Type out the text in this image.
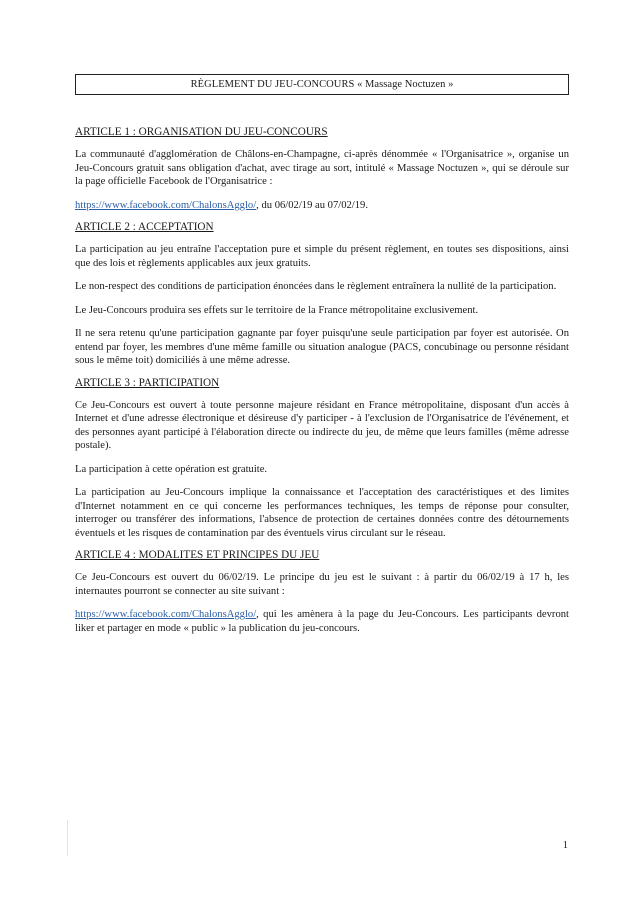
RÈGLEMENT DU JEU-CONCOURS « Massage Noctuzen »
ARTICLE 1 : ORGANISATION DU JEU-CONCOURS

La communauté d'agglomération de Châlons-en-Champagne, ci-après dénommée « l'Organisatrice », organise un Jeu-Concours gratuit sans obligation d'achat, avec tirage au sort, intitulé « Massage Noctuzen », qui se déroule sur la page officielle Facebook de l'Organisatrice :

https://www.facebook.com/ChalonsAgglo/, du 06/02/19 au 07/02/19.

ARTICLE 2 : ACCEPTATION

La participation au jeu entraîne l'acceptation pure et simple du présent règlement, en toutes ses dispositions, ainsi que des lois et règlements applicables aux jeux gratuits.

Le non-respect des conditions de participation énoncées dans le règlement entraînera la nullité de la participation.

Le Jeu-Concours produira ses effets sur le territoire de la France métropolitaine exclusivement.

Il ne sera retenu qu'une participation gagnante par foyer puisqu'une seule participation par foyer est autorisée. On entend par foyer, les membres d'une même famille ou situation analogue (PACS, concubinage ou personne résidant sous le même toit) domiciliés à une même adresse.

ARTICLE 3 : PARTICIPATION

Ce Jeu-Concours est ouvert à toute personne majeure résidant en France métropolitaine, disposant d'un accès à Internet et d'une adresse électronique et désireuse d'y participer - à l'exclusion de l'Organisatrice de l'événement, et des personnes ayant participé à l'élaboration directe ou indirecte du jeu, de même que leurs familles (même adresse postale).

La participation à cette opération est gratuite.

La participation au Jeu-Concours implique la connaissance et l'acceptation des caractéristiques et des limites d'Internet notamment en ce qui concerne les performances techniques, les temps de réponse pour consulter, interroger ou transférer des informations, l'absence de protection de certaines données contre des détournements éventuels et les risques de contamination par des éventuels virus circulant sur le réseau.

ARTICLE 4 : MODALITES ET PRINCIPES DU JEU

Ce Jeu-Concours est ouvert du 06/02/19. Le principe du jeu est le suivant : à partir du 06/02/19 à 17 h, les internautes pourront se connecter au site suivant :

https://www.facebook.com/ChalonsAgglo/, qui les amènera à la page du Jeu-Concours. Les participants devront liker et partager en mode « public » la publication du jeu-concours.

1
